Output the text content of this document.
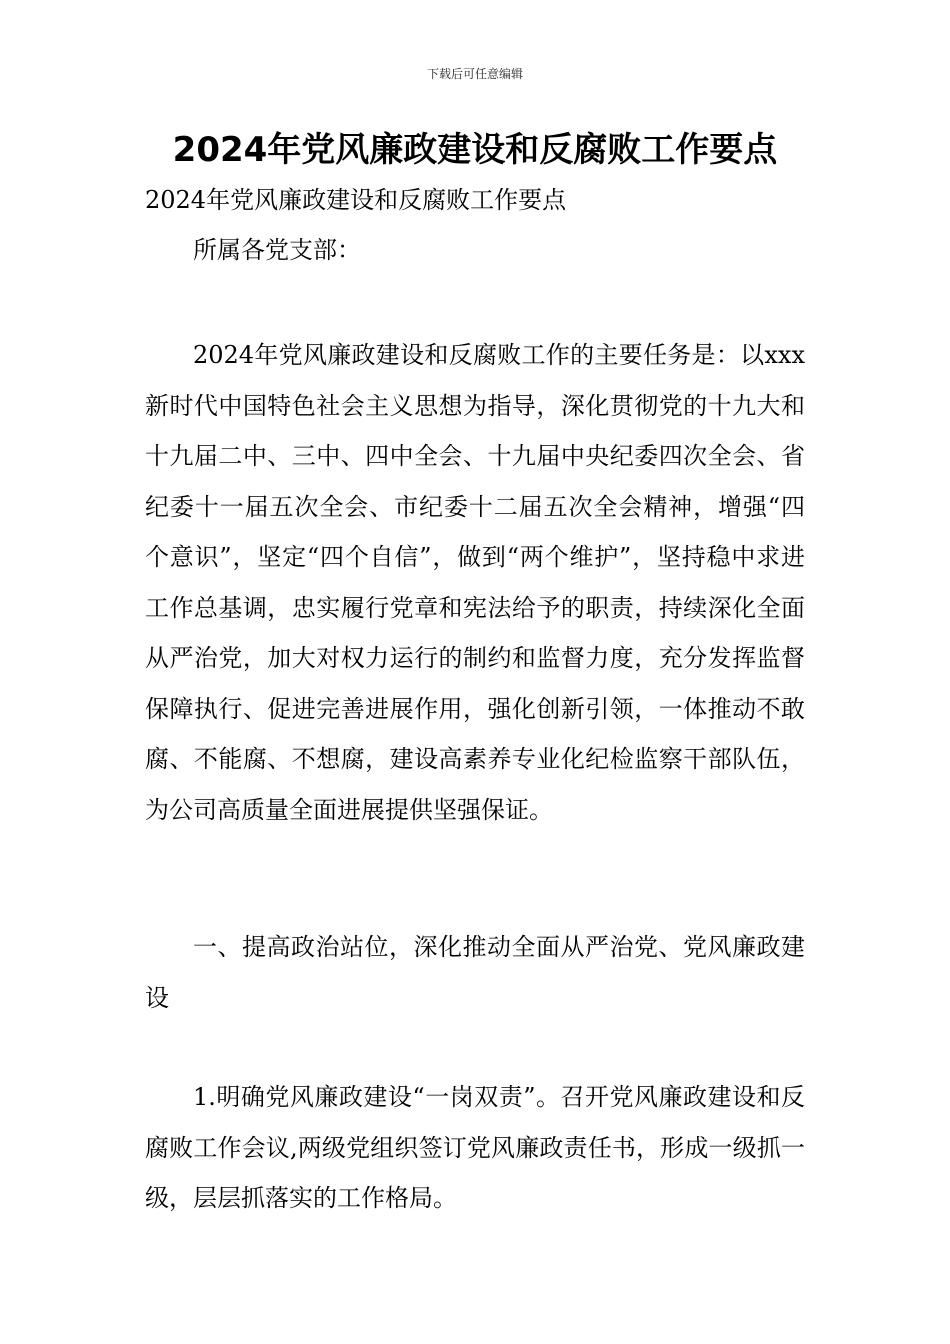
下载后可任意编辑
2024年党风廉政建设和反腐败工作要点

2024年党风廉政建设和反腐败工作要点

所属各党支部：

2024年党风廉政建设和反腐败工作的主要任务是：以xxx新时代中国特色社会主义思想为指导，深化贯彻党的十九大和十九届二中、三中、四中全会、十九届中央纪委四次全会、省纪委十一届五次全会、市纪委十二届五次全会精神，增强“四个意识”，坚定“四个自信”，做到“两个维护”，坚持稳中求进工作总基调，忠实履行党章和宪法给予的职责，持续深化全面从严治党，加大对权力运行的制约和监督力度，充分发挥监督保障执行、促进完善进展作用，强化创新引领，一体推动不敢腐、不能腐、不想腐，建设高素养专业化纪检监察干部队伍，为公司高质量全面进展提供坚强保证。

一、提高政治站位，深化推动全面从严治党、党风廉政建设

1.明确党风廉政建设“一岗双责”。召开党风廉政建设和反腐败工作会议,两级党组织签订党风廉政责任书，形成一级抓一级，层层抓落实的工作格局。
